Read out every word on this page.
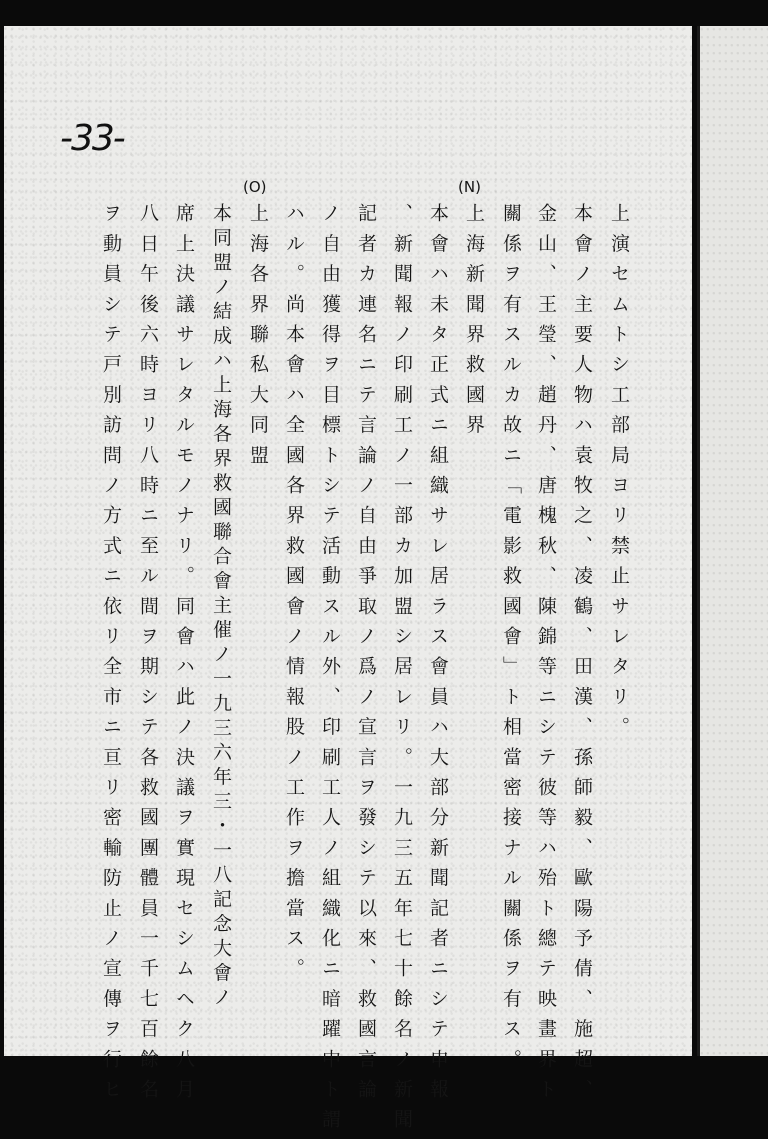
-33-
(N)
(O)
上演セムトシ工部局ヨリ禁止サレタリ。
本會ノ主要人物ハ袁牧之、凌鶴、田漢、孫師毅、歐陽予倩、施超、
金山、王瑩、趙丹、唐槐秋、陳錦等ニシテ彼等ハ殆ト總テ映畫界ト
關係ヲ有スルカ故ニ「電影救國會」ト相當密接ナル關係ヲ有ス。
上海新聞界救國界
本會ハ未タ正式ニ組織サレ居ラス會員ハ大部分新聞記者ニシテ申報
、新聞報ノ印刷工ノ一部カ加盟シ居レリ。一九三五年七十餘名ノ新聞
記者カ連名ニテ言論ノ自由爭取ノ爲ノ宣言ヲ發シテ以來、救國言論
ノ自由獲得ヲ目標トシテ活動スル外、印刷工人ノ組織化ニ暗躍中ト謂
ハル。尚本會ハ全國各界救國會ノ情報股ノ工作ヲ擔當ス。
上海各界聯私大同盟
本同盟ノ結成ハ上海各界救國聯合會主催ノ一九三六年三・一八記念大會ノ
席上決議サレタルモノナリ。同會ハ此ノ決議ヲ實現セシムヘク八月
八日午後六時ヨリ八時ニ至ル間ヲ期シテ各救國團體員一千七百餘名
ヲ動員シテ戸別訪問ノ方式ニ依リ全市ニ亘リ密輸防止ノ宣傳ヲ行ヒ
